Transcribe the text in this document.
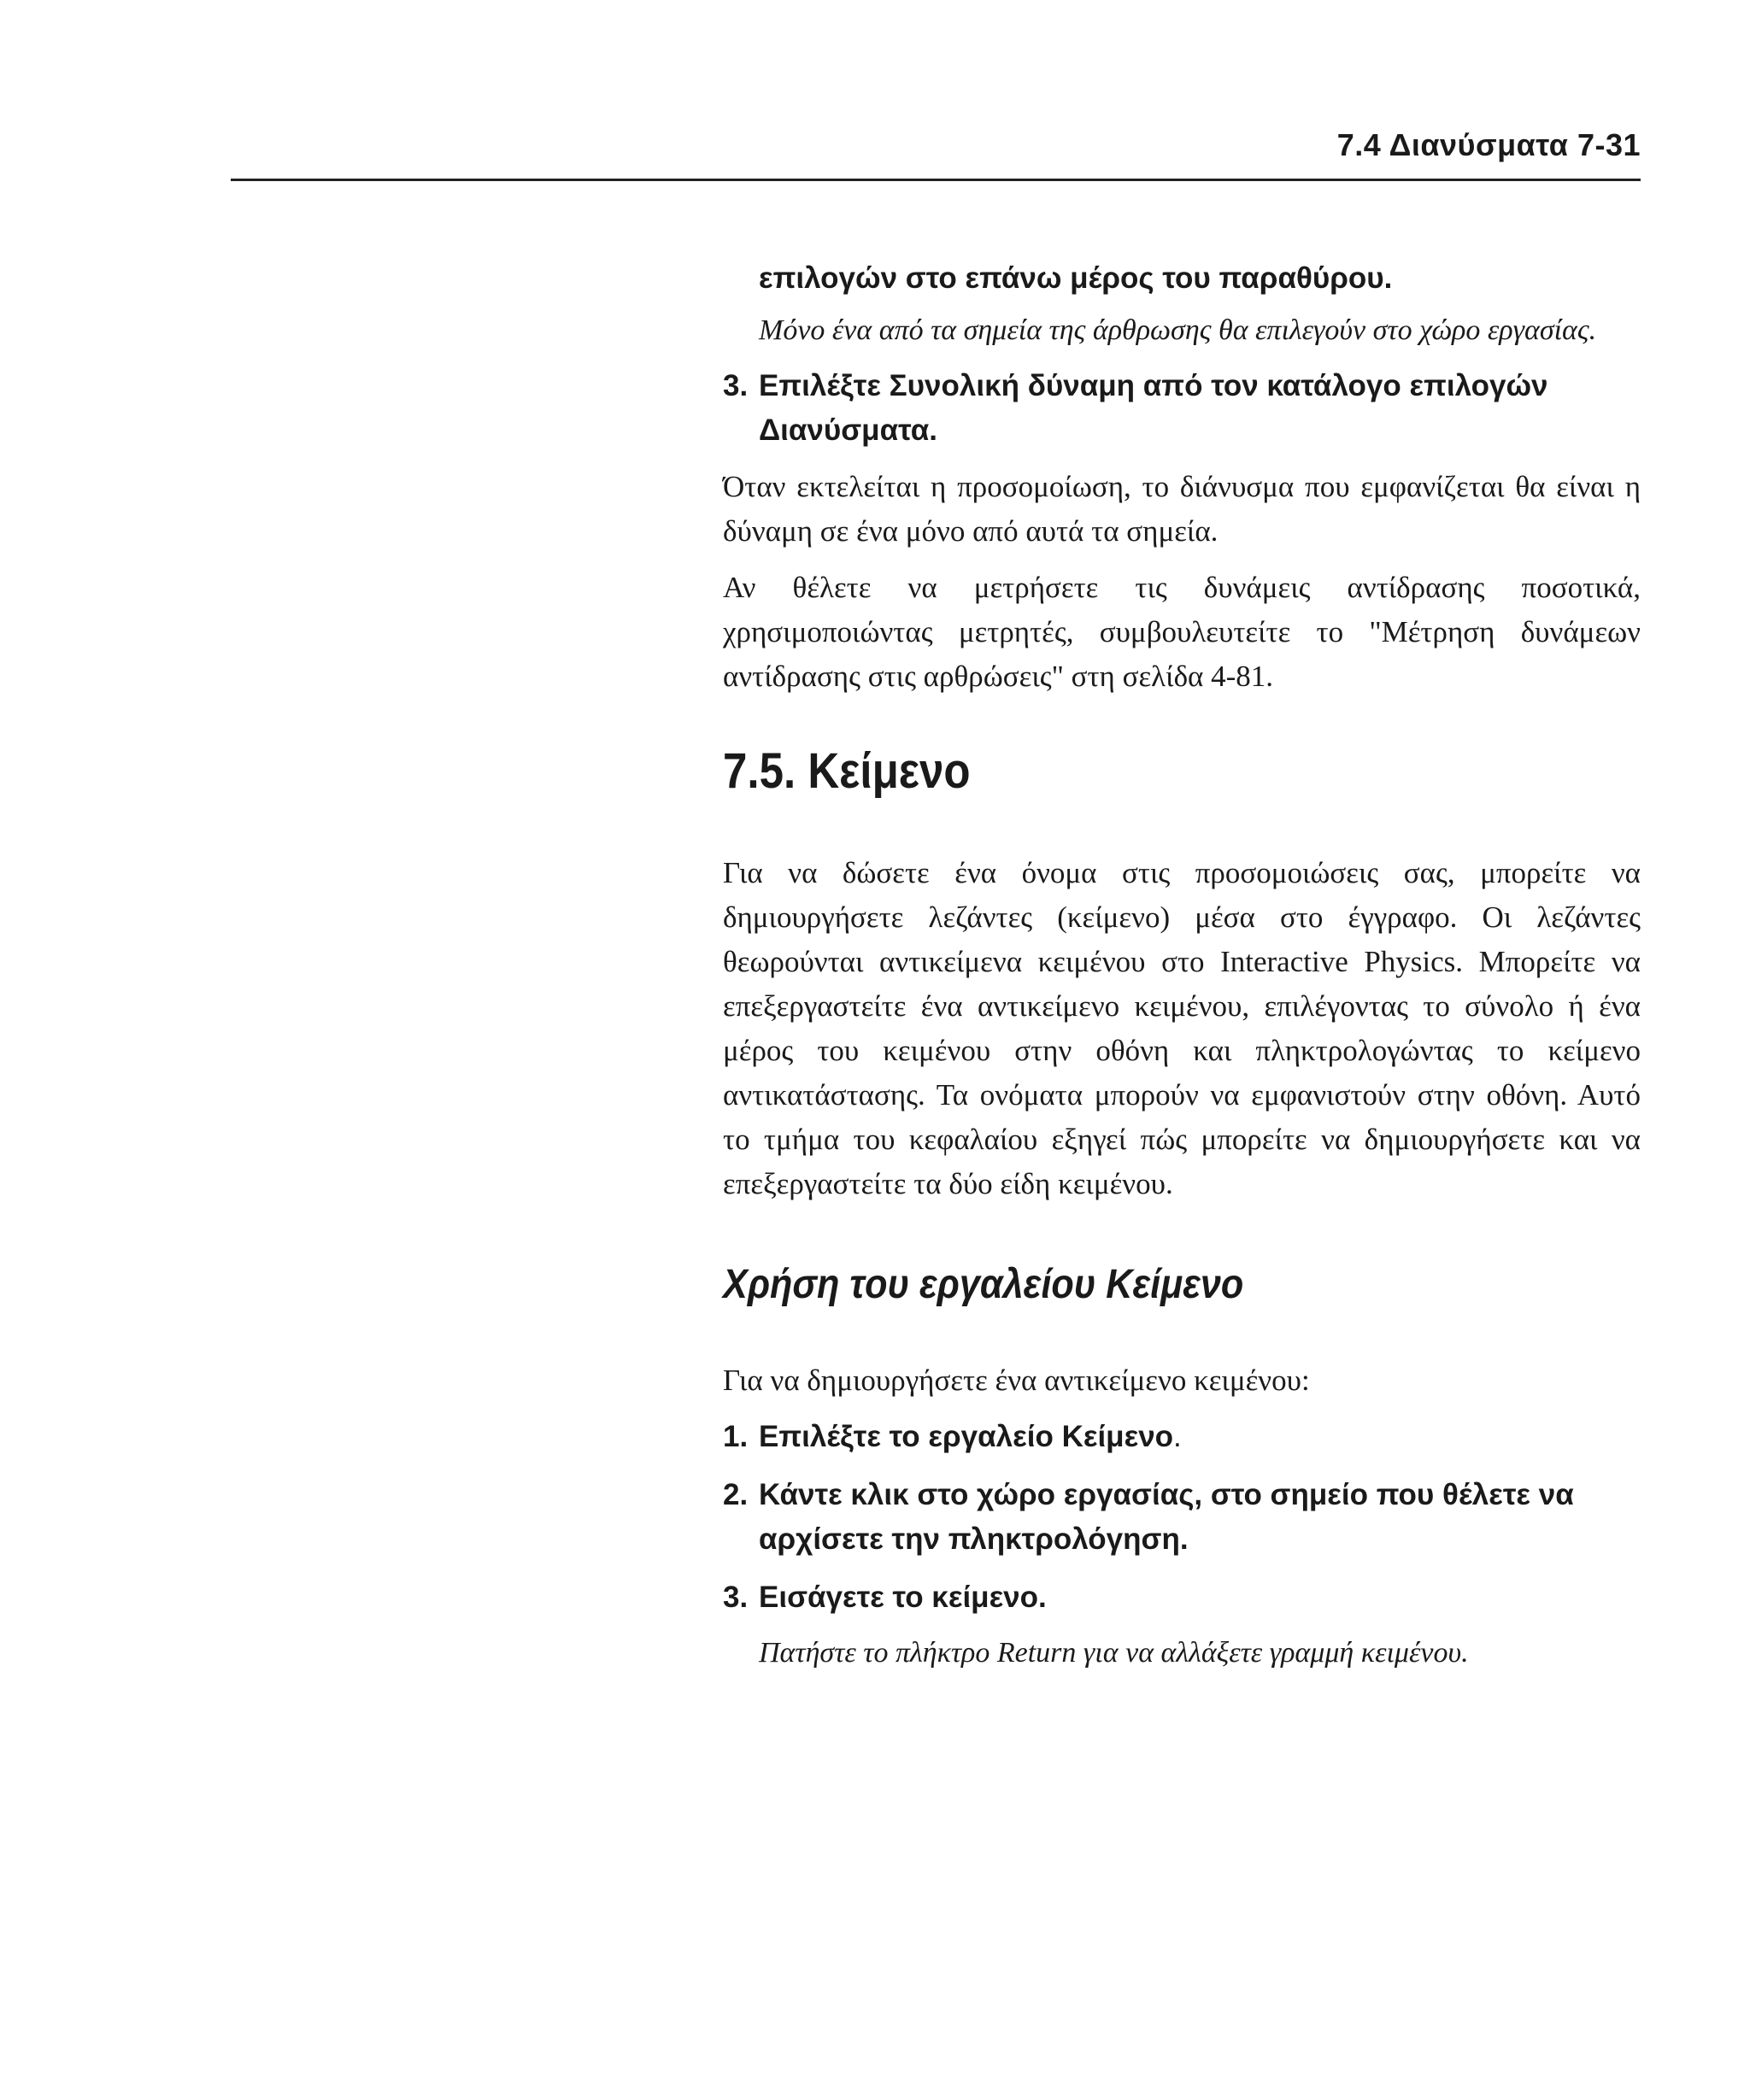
7.4 Διανύσματα 7-31

επιλογών στο επάνω μέρος του παραθύρου.

Μόνο ένα από τα σημεία της άρθρωσης θα επιλεγούν στο χώρο εργασίας.

3. Επιλέξτε Συνολική δύναμη από τον κατάλογο επιλογών Διανύσματα.

Όταν εκτελείται η προσομοίωση, το διάνυσμα που εμφανίζεται θα είναι η δύναμη σε ένα μόνο από αυτά τα σημεία.

Αν θέλετε να μετρήσετε τις δυνάμεις αντίδρασης ποσοτικά, χρησιμοποιώντας μετρητές, συμβουλευτείτε το "Μέτρηση δυνάμεων αντίδρασης στις αρθρώσεις" στη σελίδα 4-81.

7.5. Κείμενο

Για να δώσετε ένα όνομα στις προσομοιώσεις σας, μπορείτε να δημιουργήσετε λεζάντες (κείμενο) μέσα στο έγγραφο. Οι λεζάντες θεωρούνται αντικείμενα κειμένου στο Interactive Physics. Μπορείτε να επεξεργαστείτε ένα αντικείμενο κειμένου, επιλέγοντας το σύνολο ή ένα μέρος του κειμένου στην οθόνη και πληκτρολογώντας το κείμενο αντικατάστασης. Τα ονόματα μπορούν να εμφανιστούν στην οθόνη. Αυτό το τμήμα του κεφαλαίου εξηγεί πώς μπορείτε να δημιουργήσετε και να επεξεργαστείτε τα δύο είδη κειμένου.

Χρήση του εργαλείου Κείμενο

Για να δημιουργήσετε ένα αντικείμενο κειμένου:

1. Επιλέξτε το εργαλείο Κείμενο.
2. Κάντε κλικ στο χώρο εργασίας, στο σημείο που θέλετε να αρχίσετε την πληκτρολόγηση.
3. Εισάγετε το κείμενο.

Πατήστε το πλήκτρο Return για να αλλάξετε γραμμή κειμένου.
